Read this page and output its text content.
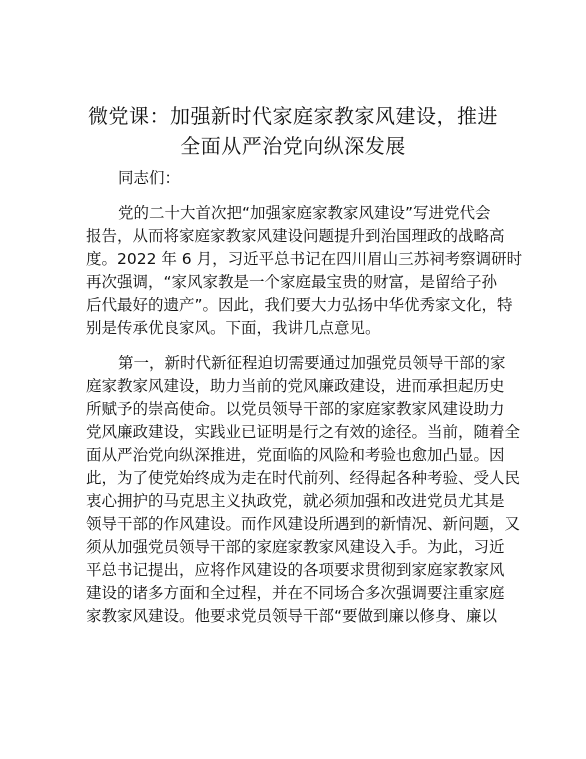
微党课：加强新时代家庭家教家风建设，推进
全面从严治党向纵深发展
同志们：
党的二十大首次把“加强家庭家教家风建设”写进党代会
报告，从而将家庭家教家风建设问题提升到治国理政的战略高
度。2022 年 6 月，习近平总书记在四川眉山三苏祠考察调研时
再次强调，“家风家教是一个家庭最宝贵的财富，是留给子孙
后代最好的遗产”。因此，我们要大力弘扬中华优秀家文化，特
别是传承优良家风。下面，我讲几点意见。
第一，新时代新征程迫切需要通过加强党员领导干部的家
庭家教家风建设，助力当前的党风廉政建设，进而承担起历史
所赋予的崇高使命。以党员领导干部的家庭家教家风建设助力
党风廉政建设，实践业已证明是行之有效的途径。当前，随着全
面从严治党向纵深推进，党面临的风险和考验也愈加凸显。因
此，为了使党始终成为走在时代前列、经得起各种考验、受人民
衷心拥护的马克思主义执政党，就必须加强和改进党员尤其是
领导干部的作风建设。而作风建设所遇到的新情况、新问题，又
须从加强党员领导干部的家庭家教家风建设入手。为此，习近
平总书记提出，应将作风建设的各项要求贯彻到家庭家教家风
建设的诸多方面和全过程，并在不同场合多次强调要注重家庭
家教家风建设。他要求党员领导干部“要做到廉以修身、廉以
